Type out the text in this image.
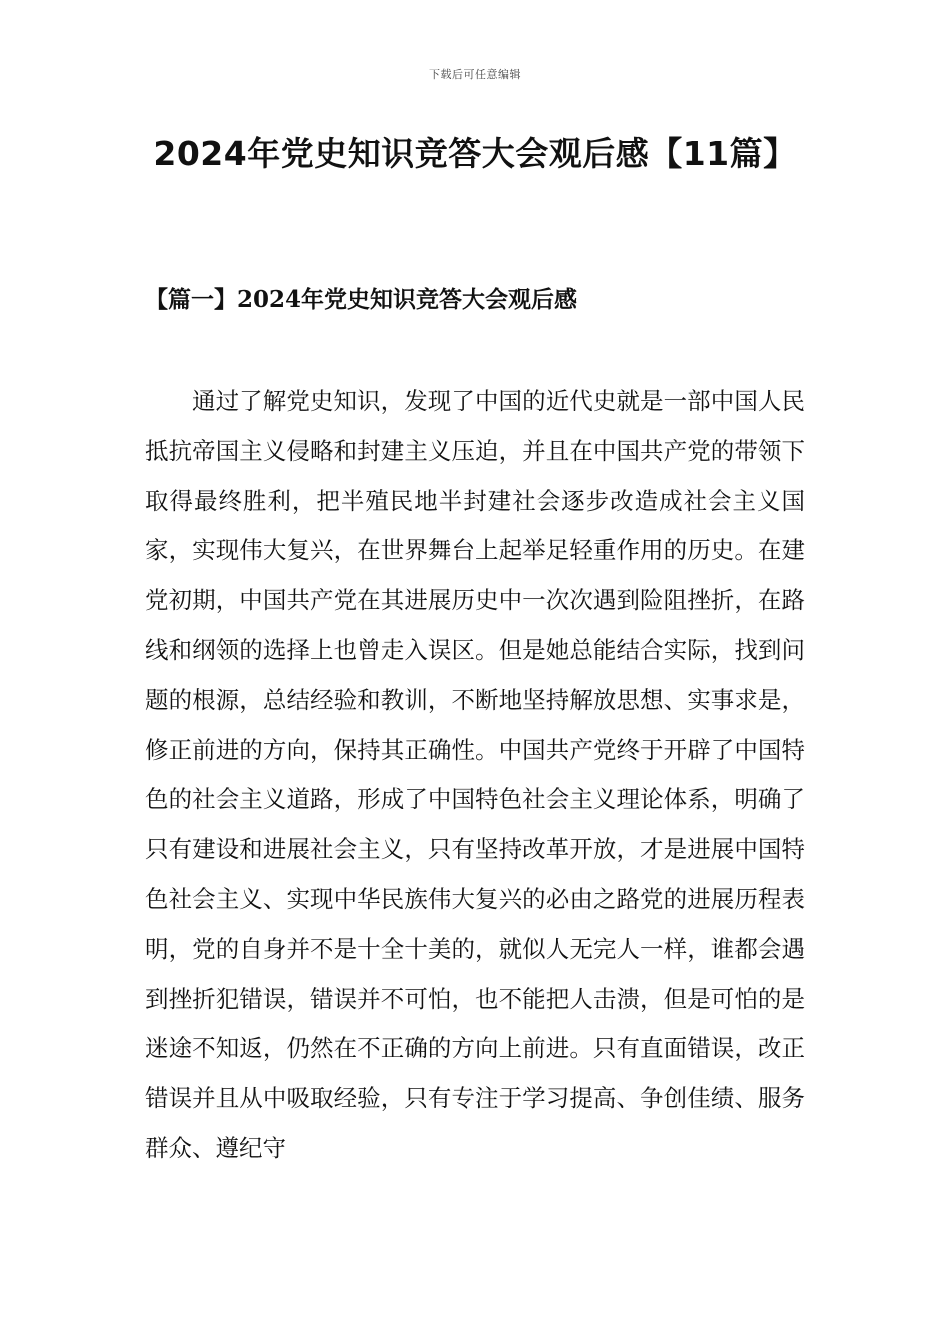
下载后可任意编辑
2024年党史知识竞答大会观后感【11篇】
【篇一】2024年党史知识竞答大会观后感

通过了解党史知识，发现了中国的近代史就是一部中国人民抵抗帝国主义侵略和封建主义压迫，并且在中国共产党的带领下取得最终胜利，把半殖民地半封建社会逐步改造成社会主义国家，实现伟大复兴，在世界舞台上起举足轻重作用的历史。在建党初期，中国共产党在其进展历史中一次次遇到险阻挫折，在路线和纲领的选择上也曾走入误区。但是她总能结合实际，找到问题的根源，总结经验和教训，不断地坚持解放思想、实事求是，修正前进的方向，保持其正确性。中国共产党终于开辟了中国特色的社会主义道路，形成了中国特色社会主义理论体系，明确了只有建设和进展社会主义，只有坚持改革开放，才是进展中国特色社会主义、实现中华民族伟大复兴的必由之路党的进展历程表明，党的自身并不是十全十美的，就似人无完人一样，谁都会遇到挫折犯错误，错误并不可怕，也不能把人击溃，但是可怕的是迷途不知返，仍然在不正确的方向上前进。只有直面错误，改正错误并且从中吸取经验，只有专注于学习提高、争创佳绩、服务群众、遵纪守
